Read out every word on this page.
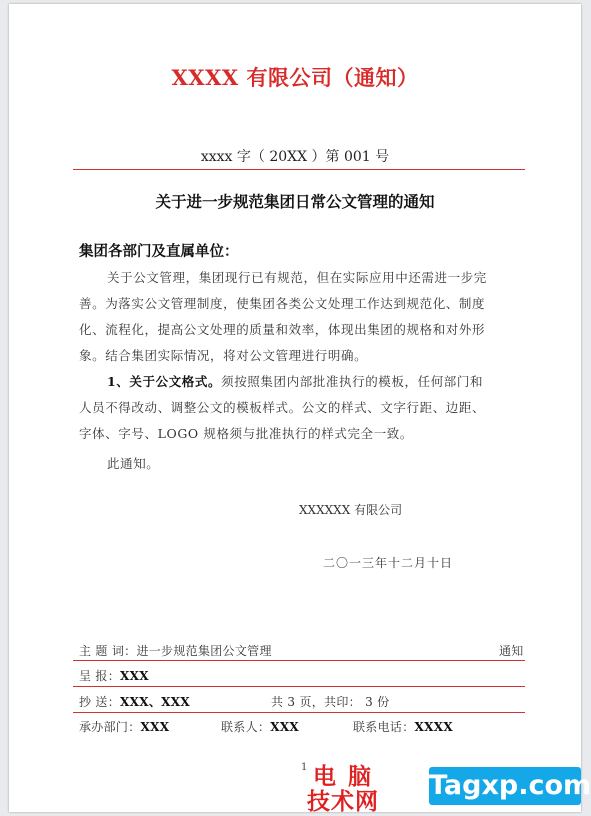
XXXX 有限公司（通知）
xxxx 字（ 20XX ）第 001 号
关于进一步规范集团日常公文管理的通知
集团各部门及直属单位：
关于公文管理，集团现行已有规范，但在实际应用中还需进一步完
善。为落实公文管理制度，使集团各类公文处理工作达到规范化、制度
化、流程化，提高公文处理的质量和效率，体现出集团的规格和对外形
象。结合集团实际情况，将对公文管理进行明确。
1、关于公文格式。须按照集团内部批准执行的模板，任何部门和
人员不得改动、调整公文的模板样式。公文的样式、文字行距、边距、
字体、字号、LOGO 规格须与批准执行的样式完全一致。
此通知。
XXXXXX 有限公司
二〇一三年十二月十日
主 题 词：进一步规范集团公文管理	通知
呈 报：XXX
抄 送：XXX、XXX	共 3 页，共印： 3 份
承办部门：XXX	联系人：XXX	联系电话：XXXX
1 电 脑
技术网
Tagxp.com
